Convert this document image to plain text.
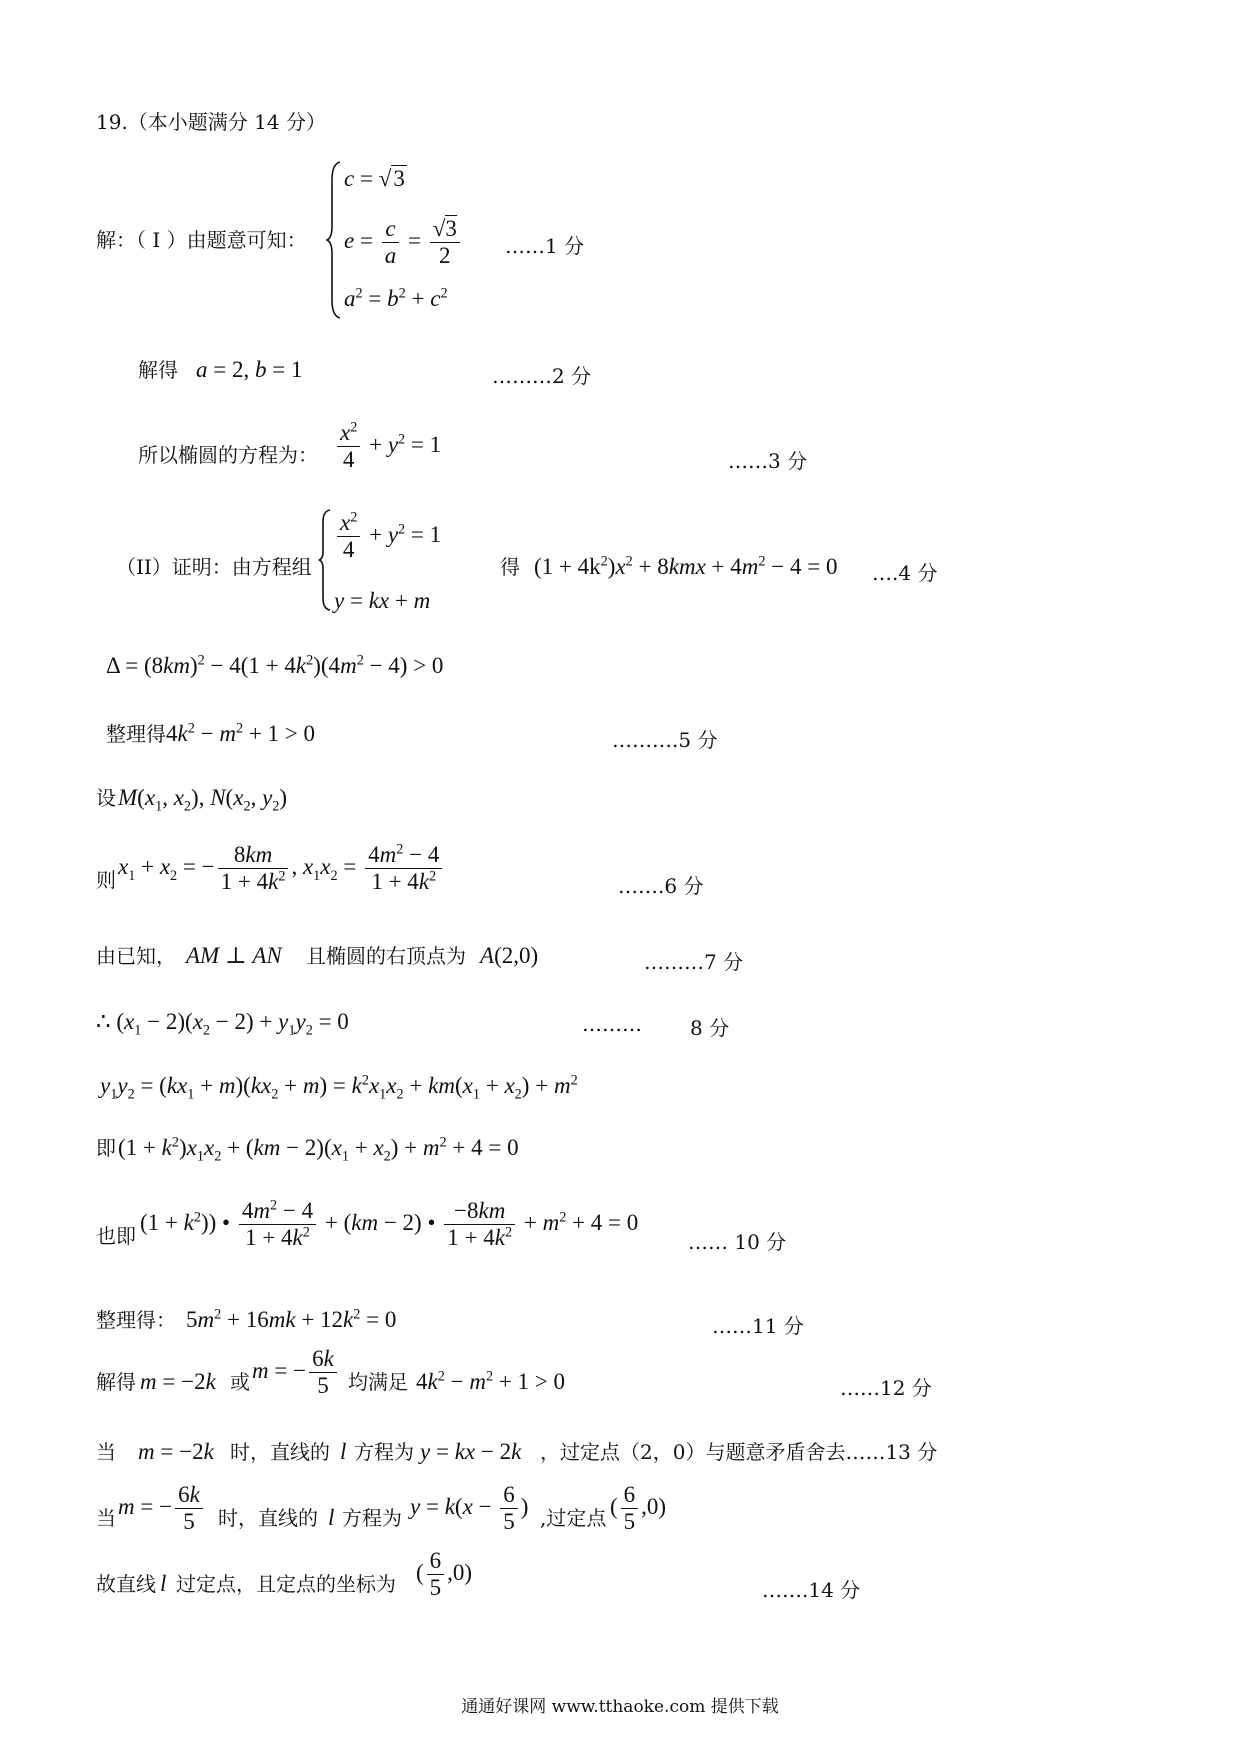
19.（本小题满分 14 分）
解：（ I ）由题意可知：
c = √3
$e = \frac{c}{a} = \frac{√3}{2}$
$a^2 = b^2 + c^2$
……1 分
解得 a = 2, b = 1	………2 分
所以椭圆的方程为： $\frac{x^2}{4} + y^2 = 1$
……3 分
（II）证明：由方程组
$\frac{x^2}{4} + y^2 = 1$
y = kx + m
得 $(1 + 4k^2)x^2 + 8kmx + 4m^2 - 4 = 0$ ….4 分
$\Delta = (8km)^2 - 4(1 + 4k^2)(4m^2 - 4) > 0$
整理得 $4k^2 - m^2 + 1 > 0$	……….5 分
设 $M(x_1$, $x_2$), $N(x_2$, $y_2$)
则
$x_1 + x_2$ = − $\frac{8km}{1 + 4k^2}$ , $x_1x_2 = \frac{4m^2 - 4}{1 + 4k^2}$	…….6 分
由已知， AM ⊥ AN 且椭圆的右顶点为 A(2,0)	………7 分
∴ $(x_1 - 2)(x_2 - 2) + y_1y_2 = 0$	……… 8 分
$y_1y_2 = (kx_1 + m)(kx_2 + m) = k^2x_1x_2 + km(x_1 + x_2) + m^2$
即 $(1 + k^2)x_1x_2 + (km - 2)(x_1 + x_2) + m^2 + 4 = 0$
也即
$(1 + k^2)$) • $\frac{4m^2 - 4}{1 + 4k^2} + (km - 2)$ • $\frac{-8km}{1 + 4k^2} + m^2 + 4 = 0$
…… 10 分
整理得： $5m^2 + 16mk + 12k^2 = 0$	……11 分
解得 m = −2k 或 m = − $\frac{6k}{5}$ 均满足 $4k^2 - m^2 + 1 > 0$	……12 分
当 m = −2k 时，直线的 l 方程为 y = kx − 2k ，过定点（2，0）与题意矛盾舍去……13 分
当 m = − $\frac{6k}{5}$ 时，直线的 l 方程为 $y = k(x - \frac{6}{5}$ ) ,过定点 ( $\frac{6}{5} ,0$)
故直线 l 过定点，且定点的坐标为 ( $\frac{6}{5} ,0$)
…….14 分
通通好课网 www.tthaoke.com 提供下载
